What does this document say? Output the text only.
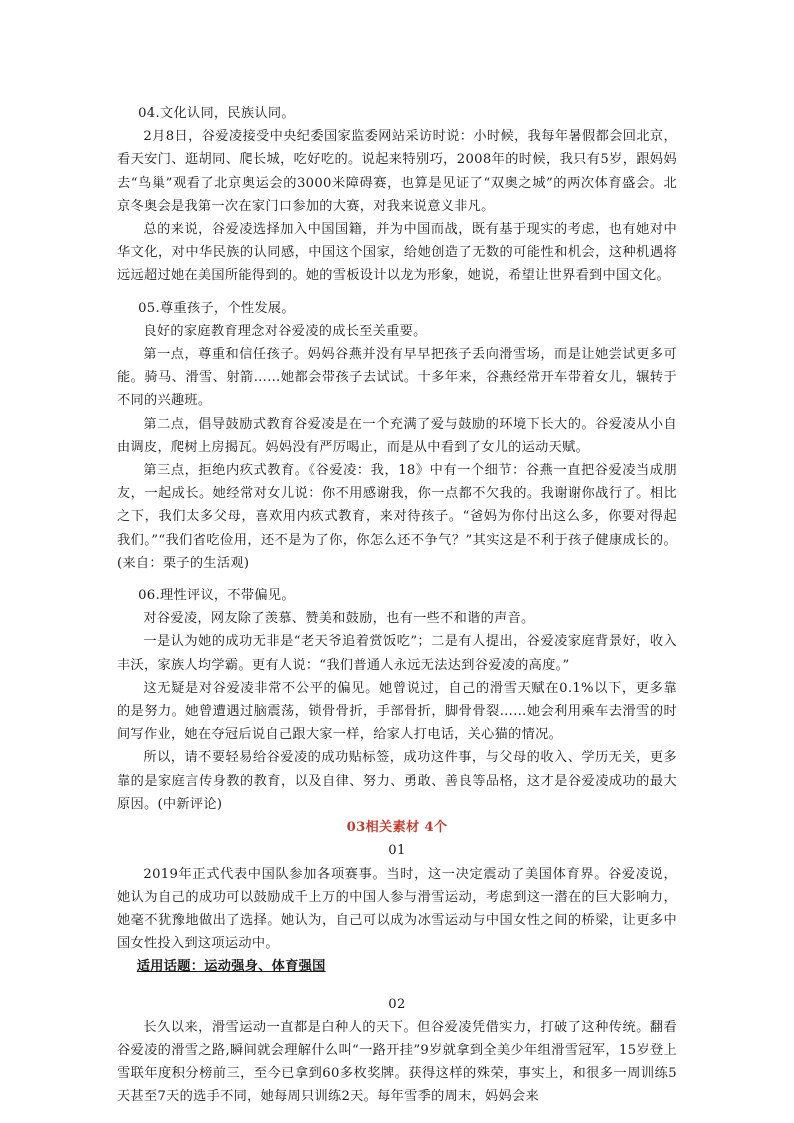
04.文化认同，民族认同。

2月8日，谷爱凌接受中央纪委国家监委网站采访时说：小时候，我每年暑假都会回北京，看天安门、逛胡同、爬长城，吃好吃的。说起来特别巧，2008年的时候，我只有5岁，跟妈妈去“鸟巢”观看了北京奥运会的3000米障碍赛，也算是见证了“双奥之城”的两次体育盛会。北京冬奥会是我第一次在家门口参加的大赛，对我来说意义非凡。

总的来说，谷爱凌选择加入中国国籍，并为中国而战，既有基于现实的考虑，也有她对中华文化，对中华民族的认同感，中国这个国家，给她创造了无数的可能性和机会，这种机遇将远远超过她在美国所能得到的。她的雪板设计以龙为形象，她说，希望让世界看到中国文化。

05.尊重孩子，个性发展。

良好的家庭教育理念对谷爱凌的成长至关重要。

第一点，尊重和信任孩子。妈妈谷燕并没有早早把孩子丢向滑雪场，而是让她尝试更多可能。骑马、滑雪、射箭……她都会带孩子去试试。十多年来，谷燕经常开车带着女儿，辗转于不同的兴趣班。

第二点，倡导鼓励式教育谷爱凌是在一个充满了爱与鼓励的环境下长大的。谷爱凌从小自由调皮，爬树上房揭瓦。妈妈没有严厉喝止，而是从中看到了女儿的运动天赋。

第三点，拒绝内疚式教育。《谷爱凌：我，18》中有一个细节：谷燕一直把谷爱凌当成朋友，一起成长。她经常对女儿说：你不用感谢我，你一点都不欠我的。我谢谢你战行了。相比之下，我们太多父母，喜欢用内疚式教育，来对待孩子。“爸妈为你付出这么多，你要对得起我们。”“我们省吃俭用，还不是为了你，你怎么还不争气？”其实这是不利于孩子健康成长的。(来自：栗子的生活观)

06.理性评议，不带偏见。

对谷爱凌，网友除了羡慕、赞美和鼓励，也有一些不和谐的声音。

一是认为她的成功无非是“老天爷追着赏饭吃”；二是有人提出，谷爱凌家庭背景好，收入丰沃，家族人均学霸。更有人说：“我们普通人永远无法达到谷爱凌的高度。”

这无疑是对谷爱凌非常不公平的偏见。她曾说过，自己的滑雪天赋在0.1%以下，更多靠的是努力。她曾遭遇过脑震荡，锁骨骨折，手部骨折，脚骨骨裂……她会利用乘车去滑雪的时间写作业，她在夺冠后说自己跟大家一样，给家人打电话，关心猫的情况。

所以，请不要轻易给谷爱凌的成功贴标签，成功这件事，与父母的收入、学历无关，更多靠的是家庭言传身教的教育，以及自律、努力、勇敢、善良等品格，这才是谷爱凌成功的最大原因。(中新评论)

03相关素材 4个

01

2019年正式代表中国队参加各项赛事。当时，这一决定震动了美国体育界。谷爱凌说，她认为自己的成功可以鼓励成千上万的中国人参与滑雪运动，考虑到这一潜在的巨大影响力，她毫不犹豫地做出了选择。她认为，自己可以成为冰雪运动与中国女性之间的桥梁，让更多中国女性投入到这项运动中。

适用话题：运动强身、体育强国

02

长久以来，滑雪运动一直都是白种人的天下。但谷爱凌凭借实力，打破了这种传统。翻看谷爱凌的滑雪之路,瞬间就会理解什么叫“一路开挂”9岁就拿到全美少年组滑雪冠军，15岁登上雪联年度积分榜前三，至今已拿到60多枚奖牌。获得这样的殊荣，事实上，和很多一周训练5天甚至7天的选手不同，她每周只训练2天。每年雪季的周末，妈妈会来
